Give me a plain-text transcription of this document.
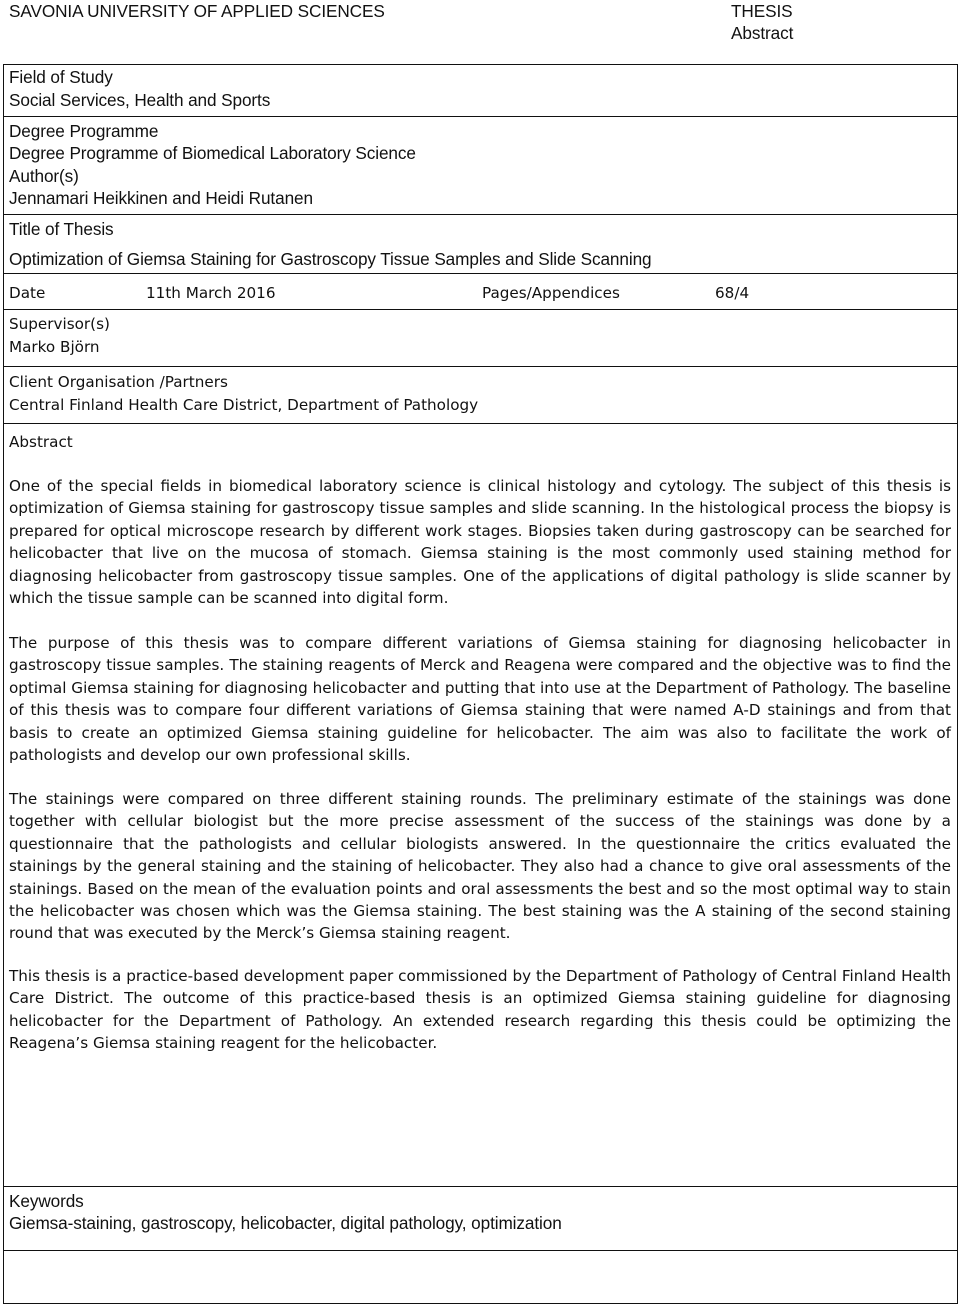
SAVONIA UNIVERSITY OF APPLIED SCIENCES	THESIS
Abstract
Field of Study
Social Services, Health and Sports
Degree Programme
Degree Programme of Biomedical Laboratory Science
Author(s)
Jennamari Heikkinen and Heidi Rutanen
Title of Thesis
Optimization of Giemsa Staining for Gastroscopy Tissue Samples and Slide Scanning
Date	11th March 2016	Pages/Appendices	68/4
Supervisor(s)
Marko Björn
Client Organisation /Partners
Central Finland Health Care District, Department of Pathology
Abstract
One of the special fields in biomedical laboratory science is clinical histology and cytology. The subject of this thesis is optimization of Giemsa staining for gastroscopy tissue samples and slide scanning. In the histological process the biopsy is prepared for optical microscope research by different work stages. Biopsies taken during gastroscopy can be searched for helicobacter that live on the mucosa of stomach. Giemsa staining is the most commonly used staining method for diagnosing helicobacter from gastroscopy tissue samples. One of the applications of digital pathology is slide scanner by which the tissue sample can be scanned into digital form.
The purpose of this thesis was to compare different variations of Giemsa staining for diagnosing helicobacter in gastroscopy tissue samples. The staining reagents of Merck and Reagena were compared and the objective was to find the optimal Giemsa staining for diagnosing helicobacter and putting that into use at the Department of Pathology. The baseline of this thesis was to compare four different variations of Giemsa staining that were named A-D stainings and from that basis to create an optimized Giemsa staining guideline for helicobacter. The aim was also to facilitate the work of pathologists and develop our own professional skills.
The stainings were compared on three different staining rounds. The preliminary estimate of the stainings was done together with cellular biologist but the more precise assessment of the success of the stainings was done by a questionnaire that the pathologists and cellular biologists answered. In the questionnaire the critics evaluated the stainings by the general staining and the staining of helicobacter. They also had a chance to give oral assessments of the stainings. Based on the mean of the evaluation points and oral assessments the best and so the most optimal way to stain the helicobacter was chosen which was the Giemsa staining. The best staining was the A staining of the second staining round that was executed by the Merck’s Giemsa staining reagent.
This thesis is a practice-based development paper commissioned by the Department of Pathology of Central Finland Health Care District. The outcome of this practice-based thesis is an optimized Giemsa staining guideline for diagnosing helicobacter for the Department of Pathology. An extended research regarding this thesis could be optimizing the Reagena’s Giemsa staining reagent for the helicobacter.
Keywords
Giemsa-staining, gastroscopy, helicobacter, digital pathology, optimization
